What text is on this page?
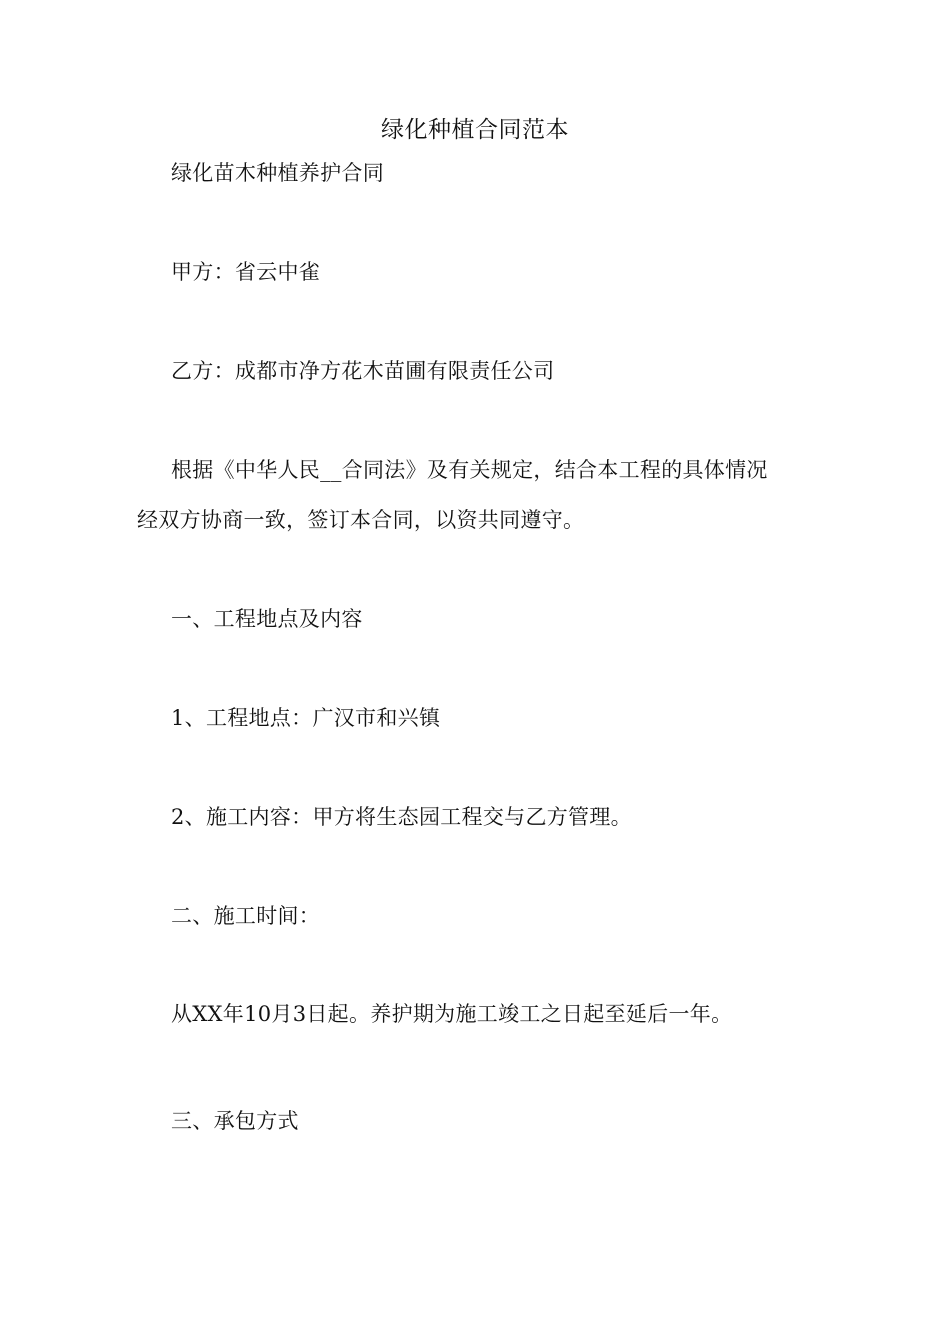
绿化种植合同范本
绿化苗木种植养护合同
甲方：省云中雀
乙方：成都市净方花木苗圃有限责任公司
根据《中华人民__合同法》及有关规定，结合本工程的具体情况
经双方协商一致，签订本合同，以资共同遵守。
一、工程地点及内容
1、工程地点：广汉市和兴镇
2、施工内容：甲方将生态园工程交与乙方管理。
二、施工时间：
从XX年10月3日起。养护期为施工竣工之日起至延后一年。
三、承包方式
